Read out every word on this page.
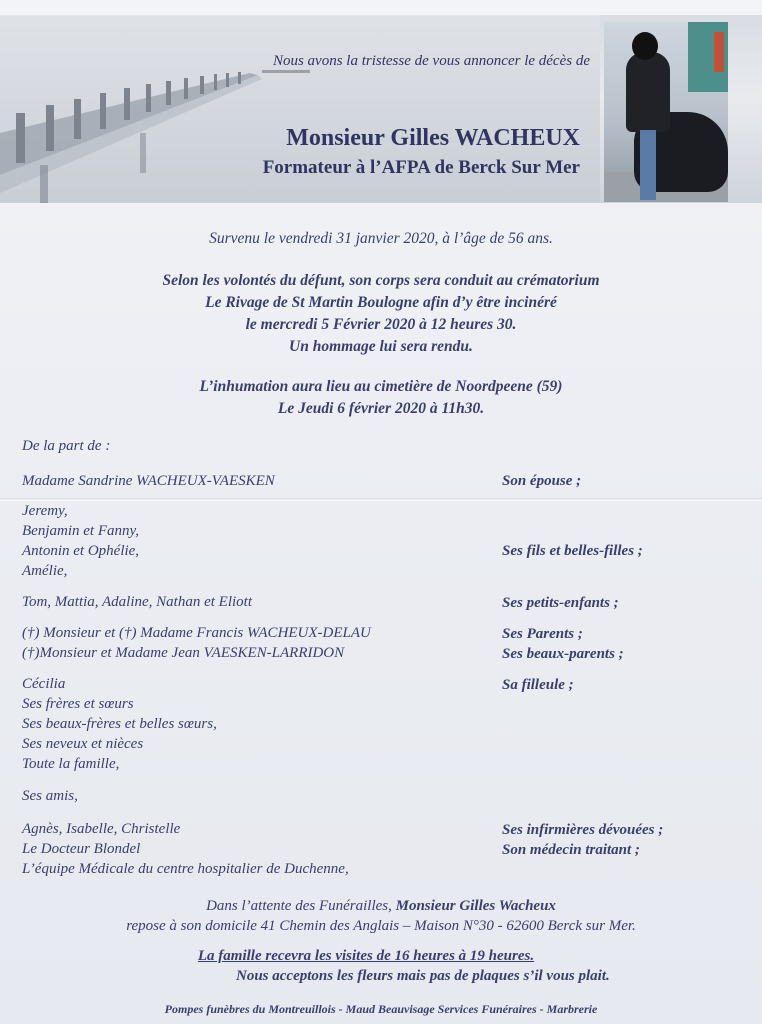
Nous avons la tristesse de vous annoncer le décès de
Monsieur Gilles WACHEUX
Formateur à l’AFPA de Berck Sur Mer
Survenu le vendredi 31 janvier 2020, à l’âge de 56 ans.
Selon les volontés du défunt, son corps sera conduit au crématorium
Le Rivage de St Martin Boulogne afin d’y être incinéré
le mercredi 5 Février 2020 à 12 heures 30.
Un hommage lui sera rendu.
L’inhumation aura lieu au cimetière de Noordpeene (59)
Le Jeudi 6 février 2020 à 11h30.
De la part de :
Madame Sandrine WACHEUX-VAESKEN	Son épouse ;
Jeremy,
Benjamin et Fanny,
Antonin et Ophélie,
Amélie,
Ses fils et belles-filles ;
Tom, Mattia, Adaline, Nathan et Eliott	Ses petits-enfants ;
(†) Monsieur et (†) Madame Francis WACHEUX-DELAU
(†)Monsieur et Madame Jean VAESKEN-LARRIDON
Ses Parents ;
Ses beaux-parents ;
Cécilia
Ses frères et sœurs
Ses beaux-frères et belles sœurs,
Ses neveux et nièces
Toute la famille,
Sa filleule ;
Ses amis,
Agnès, Isabelle, Christelle
Le Docteur Blondel
L’équipe Médicale du centre hospitalier de Duchenne,
Ses infirmières dévouées ;
Son médecin traitant ;
Dans l’attente des Funérailles, Monsieur Gilles Wacheux
repose à son domicile 41 Chemin des Anglais – Maison N°30 - 62600 Berck sur Mer.
La famille recevra les visites de 16 heures à 19 heures.
Nous acceptons les fleurs mais pas de plaques s’il vous plait.
Pompes funèbres du Montreuillois - Maud Beauvisage Services Funéraires - Marbrerie
